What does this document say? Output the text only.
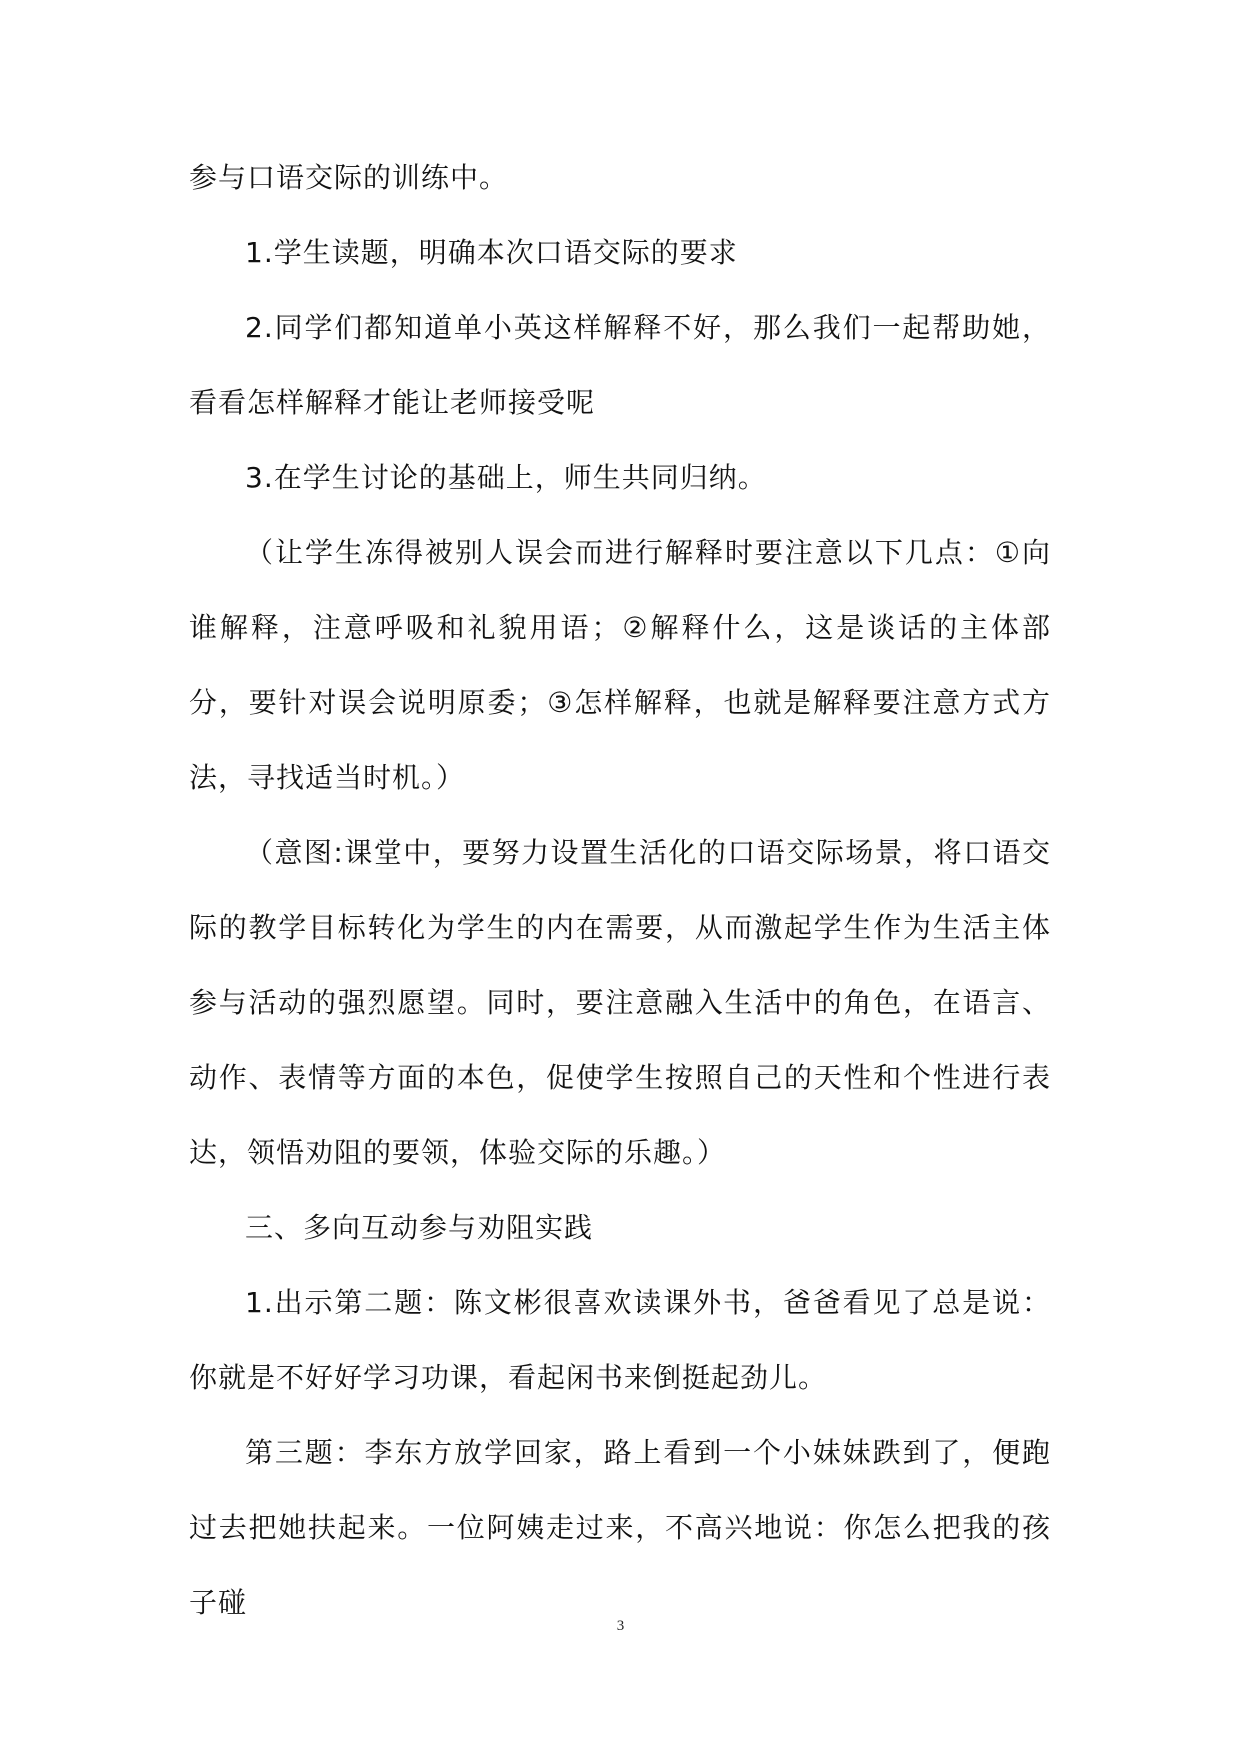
参与口语交际的训练中。

1.学生读题，明确本次口语交际的要求

2.同学们都知道单小英这样解释不好，那么我们一起帮助她，看看怎样解释才能让老师接受呢

3.在学生讨论的基础上，师生共同归纳。

（让学生冻得被别人误会而进行解释时要注意以下几点：①向谁解释，注意呼吸和礼貌用语；②解释什么，这是谈话的主体部分，要针对误会说明原委；③怎样解释，也就是解释要注意方式方法，寻找适当时机。）

（意图:课堂中，要努力设置生活化的口语交际场景，将口语交际的教学目标转化为学生的内在需要，从而激起学生作为生活主体参与活动的强烈愿望。同时，要注意融入生活中的角色，在语言、动作、表情等方面的本色，促使学生按照自己的天性和个性进行表达，领悟劝阻的要领，体验交际的乐趣。）

三、多向互动参与劝阻实践

1.出示第二题：陈文彬很喜欢读课外书，爸爸看见了总是说：你就是不好好学习功课，看起闲书来倒挺起劲儿。

第三题：李东方放学回家，路上看到一个小妹妹跌到了，便跑过去把她扶起来。一位阿姨走过来，不高兴地说：你怎么把我的孩子碰

3
